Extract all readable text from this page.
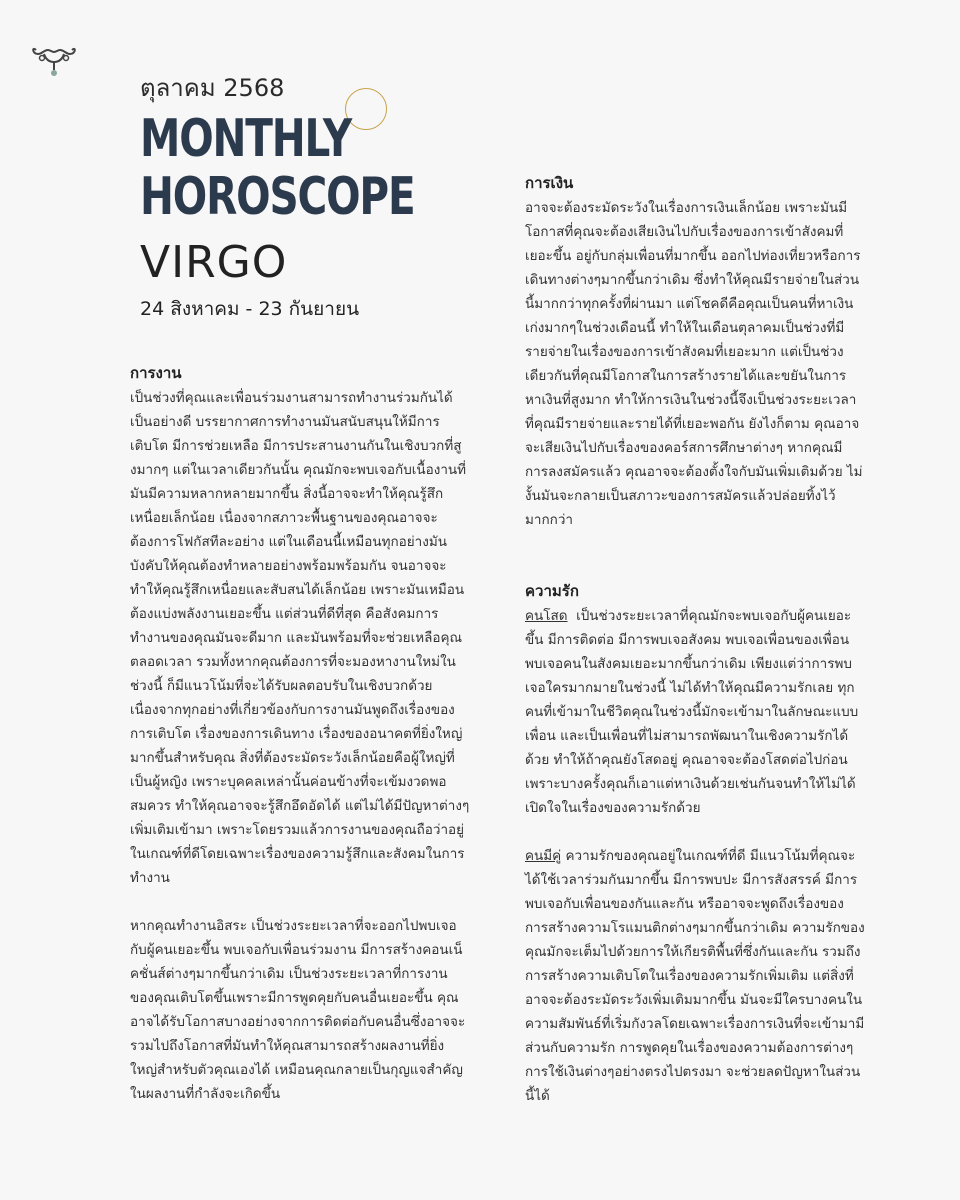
ตุลาคม 2568
MONTHLY
HOROSCOPE
VIRGO
24 สิงหาคม - 23 กันยายน
การงาน

เป็นช่วงที่คุณและเพื่อนร่วมงานสามารถทำงานร่วมกันได้เป็นอย่างดี บรรยากาศการทำงานมันสนับสนุนให้มีการเติบโต มีการช่วยเหลือ มีการประสานงานกันในเชิงบวกที่สูงมากๆ แต่ในเวลาเดียวกันนั้น คุณมักจะพบเจอกับเนื้องานที่มันมีความหลากหลายมากขึ้น สิ่งนี้อาจจะทำให้คุณรู้สึกเหนื่อยเล็กน้อย เนื่องจากสภาวะพื้นฐานของคุณอาจจะต้องการโฟกัสทีละอย่าง แต่ในเดือนนี้เหมือนทุกอย่างมันบังคับให้คุณต้องทำหลายอย่างพร้อมพร้อมกัน จนอาจจะทำให้คุณรู้สึกเหนื่อยและสับสนได้เล็กน้อย เพราะมันเหมือนต้องแบ่งพลังงานเยอะขึ้น แต่ส่วนที่ดีที่สุด คือสังคมการทำงานของคุณมันจะดีมาก และมันพร้อมที่จะช่วยเหลือคุณตลอดเวลา รวมทั้งหากคุณต้องการที่จะมองหางานใหม่ในช่วงนี้ ก็มีแนวโน้มที่จะได้รับผลตอบรับในเชิงบวกด้วย เนื่องจากทุกอย่างที่เกี่ยวข้องกับการงานมันพูดถึงเรื่องของการเติบโต เรื่องของการเดินทาง เรื่องของอนาคตที่ยิ่งใหญ่มากขึ้นสำหรับคุณ สิ่งที่ต้องระมัดระวังเล็กน้อยคือผู้ใหญ่ที่เป็นผู้หญิง เพราะบุคคลเหล่านั้นค่อนข้างที่จะเข้มงวดพอสมควร ทำให้คุณอาจจะรู้สึกอึดอัดได้ แต่ไม่ได้มีปัญหาต่างๆเพิ่มเติมเข้ามา เพราะโดยรวมแล้วการงานของคุณถือว่าอยู่ในเกณฑ์ที่ดีโดยเฉพาะเรื่องของความรู้สึกและสังคมในการทำงาน

หากคุณทำงานอิสระ เป็นช่วงระยะเวลาที่จะออกไปพบเจอกับผู้คนเยอะขึ้น พบเจอกับเพื่อนร่วมงาน มีการสร้างคอนเน็คชั่นส์ต่างๆมากขึ้นกว่าเดิม เป็นช่วงระยะเวลาที่การงานของคุณเติบโตขึ้นเพราะมีการพูดคุยกับคนอื่นเยอะขึ้น คุณอาจได้รับโอกาสบางอย่างจากการติดต่อกับคนอื่นซึ่งอาจจะรวมไปถึงโอกาสที่มันทำให้คุณสามารถสร้างผลงานที่ยิ่งใหญ่สำหรับตัวคุณเองได้ เหมือนคุณกลายเป็นกุญแจสำคัญในผลงานที่กำลังจะเกิดขึ้น

การเงิน

อาจจะต้องระมัดระวังในเรื่องการเงินเล็กน้อย เพราะมันมีโอกาสที่คุณจะต้องเสียเงินไปกับเรื่องของการเข้าสังคมที่เยอะขึ้น อยู่กับกลุ่มเพื่อนที่มากขึ้น ออกไปท่องเที่ยวหรือการเดินทางต่างๆมากขึ้นกว่าเดิม ซึ่งทำให้คุณมีรายจ่ายในส่วนนี้มากกว่าทุกครั้งที่ผ่านมา แต่โชคดีคือคุณเป็นคนที่หาเงินเก่งมากๆในช่วงเดือนนี้ ทำให้ในเดือนตุลาคมเป็นช่วงที่มีรายจ่ายในเรื่องของการเข้าสังคมที่เยอะมาก แต่เป็นช่วงเดียวกันที่คุณมีโอกาสในการสร้างรายได้และขยันในการหาเงินที่สูงมาก ทำให้การเงินในช่วงนี้จึงเป็นช่วงระยะเวลาที่คุณมีรายจ่ายและรายได้ที่เยอะพอกัน ยังไงก็ตาม คุณอาจจะเสียเงินไปกับเรื่องของคอร์สการศึกษาต่างๆ หากคุณมีการลงสมัครแล้ว คุณอาจจะต้องตั้งใจกับมันเพิ่มเติมด้วย ไม่งั้นมันจะกลายเป็นสภาวะของการสมัครแล้วปล่อยทิ้งไว้มากกว่า

ความรัก

คนโสด เป็นช่วงระยะเวลาที่คุณมักจะพบเจอกับผู้คนเยอะขึ้น มีการติดต่อ มีการพบเจอสังคม พบเจอเพื่อนของเพื่อน พบเจอคนในสังคมเยอะมากขึ้นกว่าเดิม เพียงแต่ว่าการพบเจอใครมากมายในช่วงนี้ ไม่ได้ทำให้คุณมีความรักเลย ทุกคนที่เข้ามาในชีวิตคุณในช่วงนี้มักจะเข้ามาในลักษณะแบบเพื่อน และเป็นเพื่อนที่ไม่สามารถพัฒนาในเชิงความรักได้ด้วย ทำให้ถ้าคุณยังโสดอยู่ คุณอาจจะต้องโสดต่อไปก่อน เพราะบางครั้งคุณก็เอาแต่หาเงินด้วยเช่นกันจนทำให้ไม่ได้เปิดใจในเรื่องของความรักด้วย

คนมีคู่ ความรักของคุณอยู่ในเกณฑ์ที่ดี มีแนวโน้มที่คุณจะได้ใช้เวลาร่วมกันมากขึ้น มีการพบปะ มีการสังสรรค์ มีการพบเจอกับเพื่อนของกันและกัน หรืออาจจะพูดถึงเรื่องของการสร้างความโรแมนติกต่างๆมากขึ้นกว่าเดิม ความรักของคุณมักจะเต็มไปด้วยการให้เกียรติพื้นที่ซึ่งกันและกัน รวมถึงการสร้างความเติบโตในเรื่องของความรักเพิ่มเติม แต่สิ่งที่อาจจะต้องระมัดระวังเพิ่มเติมมากขึ้น มันจะมีใครบางคนในความสัมพันธ์ที่เริ่มกังวลโดยเฉพาะเรื่องการเงินที่จะเข้ามามีส่วนกับความรัก การพูดคุยในเรื่องของความต้องการต่างๆ การใช้เงินต่างๆอย่างตรงไปตรงมา จะช่วยลดปัญหาในส่วนนี้ได้
